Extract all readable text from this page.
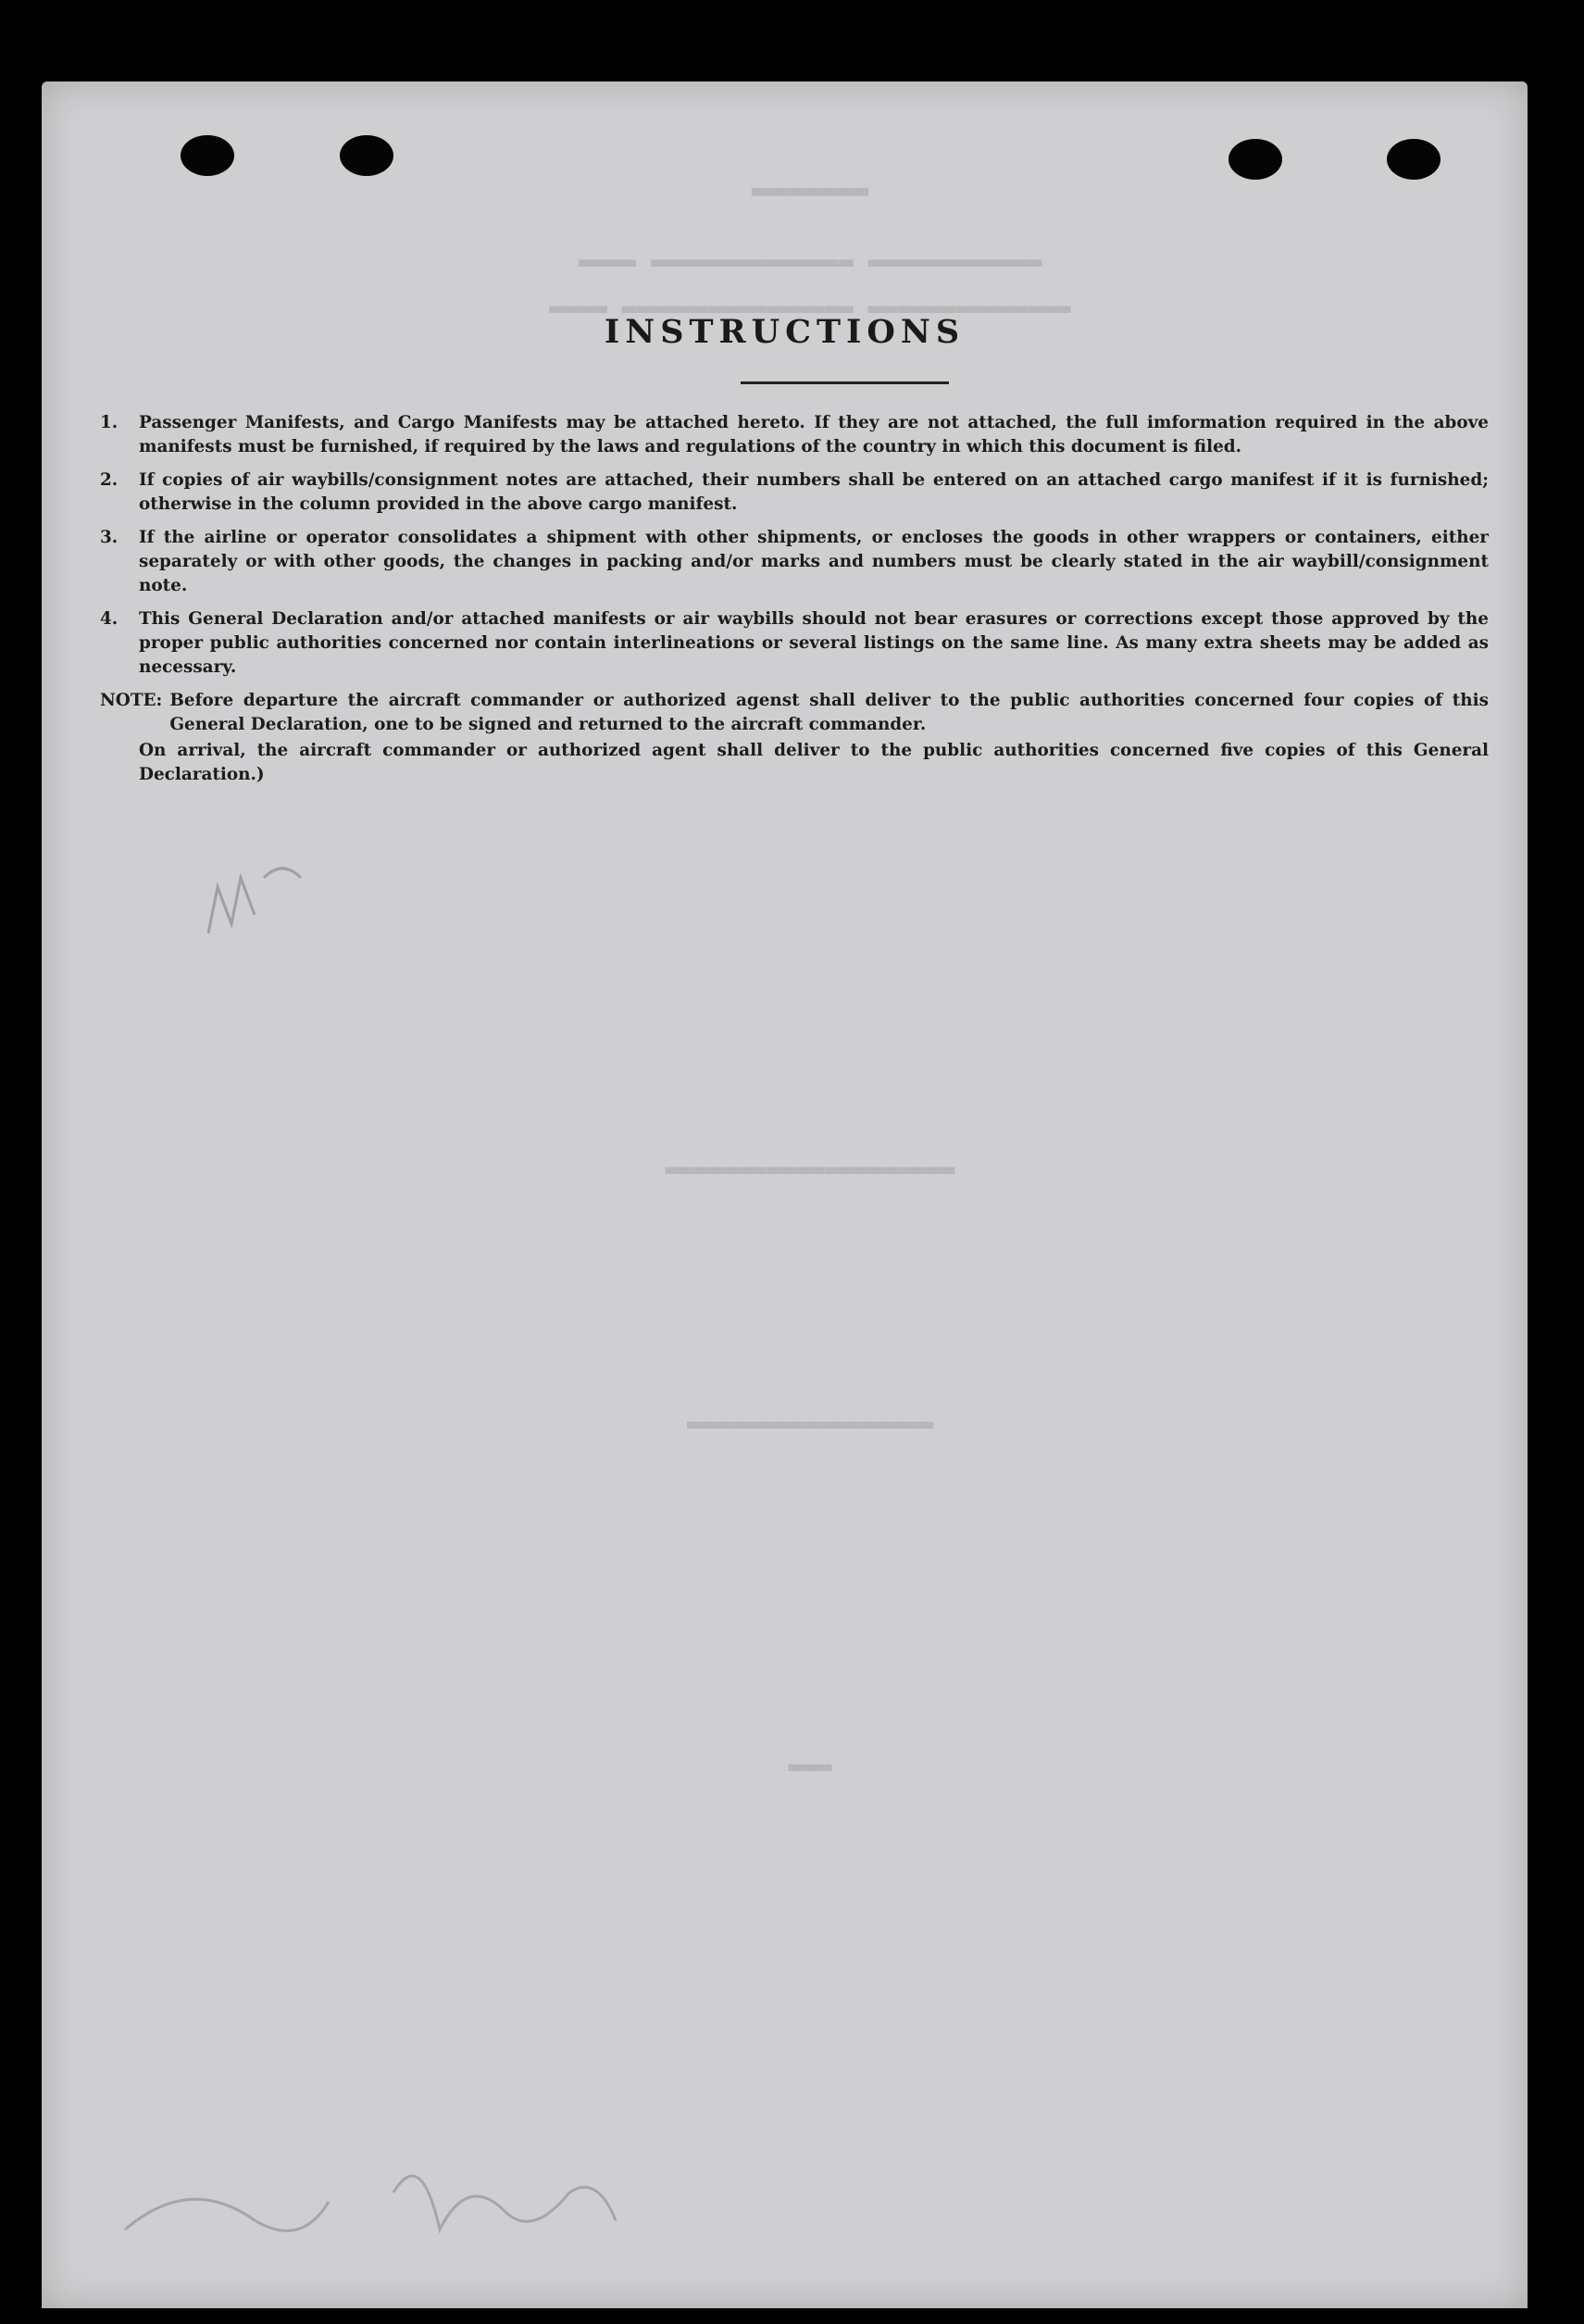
▬▬▬▬▬▬▬
▬▬▬▬▬▬▬▬▬▬▬▬ ▬▬▬▬▬▬▬▬▬▬▬▬▬▬ ▬▬▬▬
▬▬▬▬▬▬▬▬▬▬▬▬▬▬ ▬▬▬▬▬▬▬▬▬▬▬▬▬▬▬▬ ▬▬▬▬
▬▬▬▬▬▬▬▬▬▬▬▬▬▬▬▬▬▬▬▬
▬▬▬▬▬▬▬▬▬▬▬▬▬▬▬▬▬
▬▬▬
INSTRUCTIONS
1.	Passenger Manifests, and Cargo Manifests may be attached hereto. If they are not attached, the full imformation required in the above manifests must be furnished, if required by the laws and regulations of the country in which this document is filed.
2.	If copies of air waybills/consignment notes are attached, their numbers shall be entered on an attached cargo manifest if it is furnished; otherwise in the column provided in the above cargo manifest.
3.	If the airline or operator consolidates a shipment with other shipments, or encloses the goods in other wrappers or containers, either separately or with other goods, the changes in packing and/or marks and numbers must be clearly stated in the air waybill/consignment note.
4.	This General Declaration and/or attached manifests or air waybills should not bear erasures or corrections except those approved by the proper public authorities concerned nor contain interlineations or several listings on the same line. As many extra sheets may be added as necessary.
NOTE: Before departure the aircraft commander or authorized agenst shall deliver to the public authorities concerned four copies of this General Declaration, one to be signed and returned to the aircraft commander.
On arrival, the aircraft commander or authorized agent shall deliver to the public authorities concerned five copies of this General Declaration.)
